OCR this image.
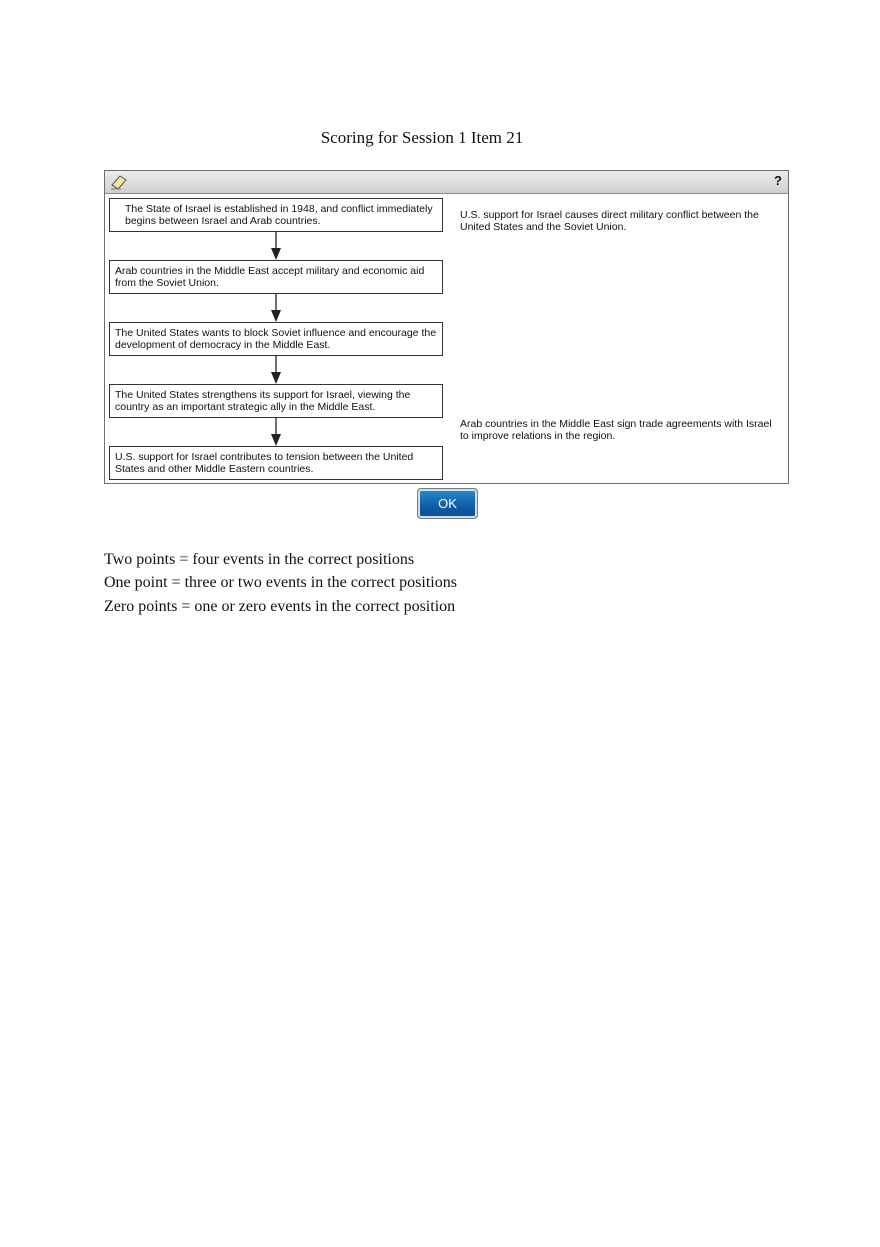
Scoring for Session 1 Item 21
?
The State of Israel is established in 1948, and conflict immediately begins between Israel and Arab countries.
Arab countries in the Middle East accept military and economic aid from the Soviet Union.
The United States wants to block Soviet influence and encourage the development of democracy in the Middle East.
The United States strengthens its support for Israel, viewing the country as an important strategic ally in the Middle East.
U.S. support for Israel contributes to tension between the United States and other Middle Eastern countries.
U.S. support for Israel causes direct military conflict between the United States and the Soviet Union.
Arab countries in the Middle East sign trade agreements with Israel to improve relations in the region.
OK
Two points = four events in the correct positions
One point = three or two events in the correct positions
Zero points = one or zero events in the correct position
